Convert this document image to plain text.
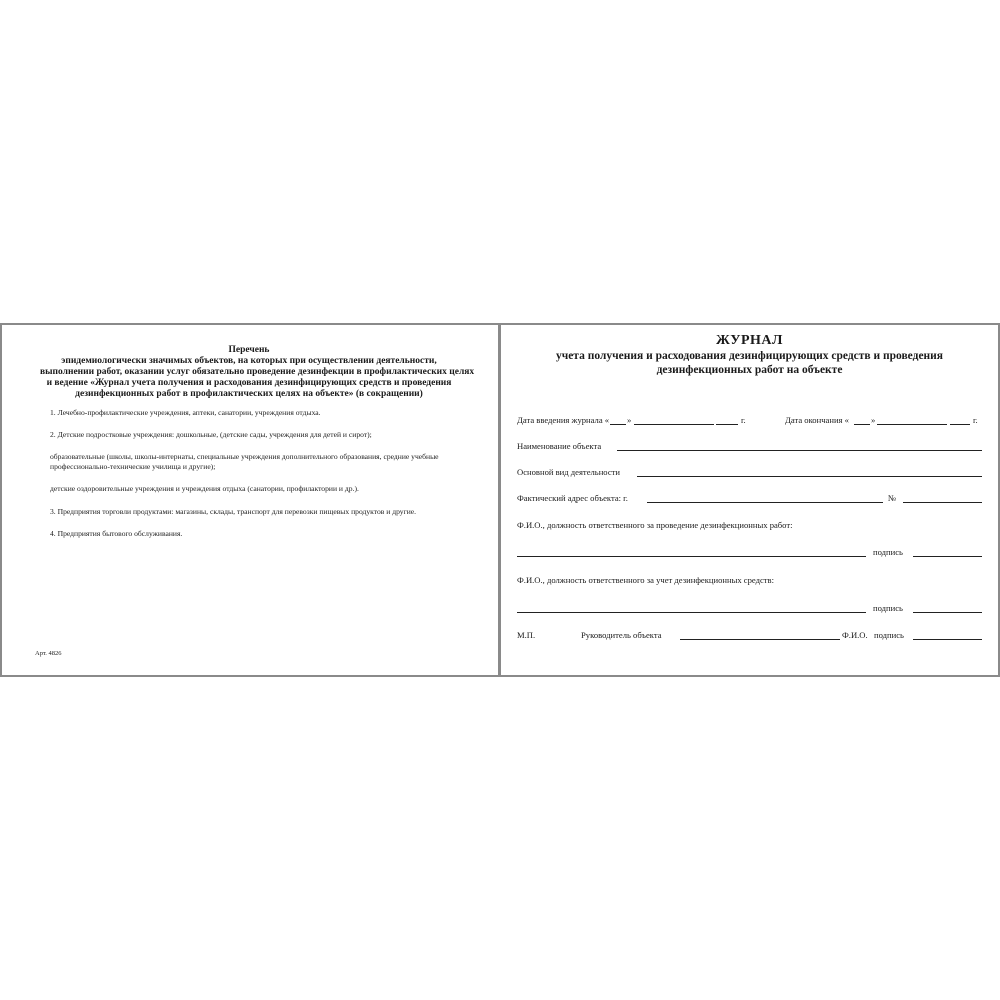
Перечень
эпидемиологически значимых объектов, на которых при осуществлении деятельности,
выполнении работ, оказании услуг обязательно проведение дезинфекции в профилактических целях
и ведение «Журнал учета получения и расходования дезинфицирующих средств и проведения
дезинфекционных работ в профилактических целях на объекте» (в сокращении)
1. Лечебно-профилактические учреждения, аптеки, санатории, учреждения отдыха.
2. Детские подростковые учреждения: дошкольные, (детские сады, учреждения для детей и сирот);
образовательные (школы, школы-интернаты, специальные учреждения дополнительного образования, средние учебные профессионально-технические училища и другие);
детские оздоровительные учреждения и учреждения отдыха (санатории, профилактории и др.).
3. Предприятия торговли продуктами: магазины, склады, транспорт для перевозки пищевых продуктов и другие.
4. Предприятия бытового обслуживания.
Арт. 4826
ЖУРНАЛ
учета получения и расходования дезинфицирующих средств и проведения
дезинфекционных работ на объекте
Дата введения журнала « »	г.	Дата окончания «	»	г.
Наименование объекта
Основной вид деятельности
Фактический адрес объекта: г.	№
Ф.И.О., должность ответственного за проведение дезинфекционных работ:
подпись
Ф.И.О., должность ответственного за учет дезинфекционных средств:
подпись
М.П.	Руководитель объекта	Ф.И.О. подпись
